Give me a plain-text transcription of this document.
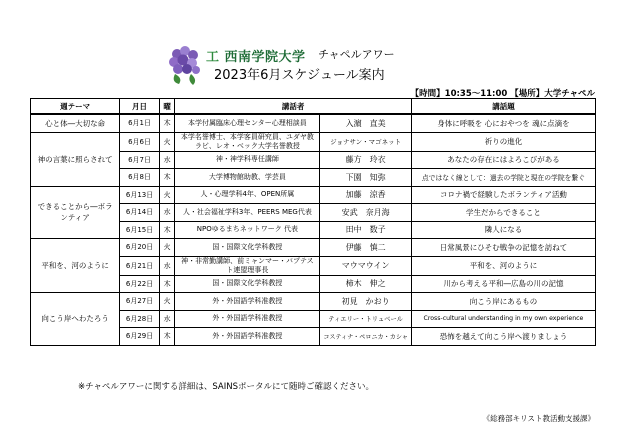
工 西南学院大学 チャペルアワー
2023年6月スケジュール案内
【時間】10:35～11:00 【場所】大学チャペル
週テーマ	月日	曜	講話者		講話題
心と体―大切な命	6月1日	木	本学付属臨床心理センター心理相談員	入濵　直美	身体に呼吸を 心におやつを 魂に点滴を
神の言葉に照らされて	6月6日	火	本学名誉博士、本学客員研究員、ユダヤ教ラビ、レオ・ベック大学名誉教授	ジョナサン・マゴネット	祈りの進化
	6月7日	水	神・神学科専任講師	藤方　玲衣	あなたの存在にはよろこびがある
	6月8日	木	大学博物館助教、学芸員	下園　知弥	点ではなく線として：過去の学院と現在の学院を繋ぐ
できることから―ボランティア	6月13日	火	人・心理学科4年、OPEN所属	加藤　涼香	コロナ禍で経験したボランティア活動
	6月14日	水	人・社会福祉学科3年、PEERS MEG代表	安武　奈月海	学生だからできること
	6月15日	木	NPOゆるまちネットワーク 代表	田中　数子	隣人になる
平和を、河のように	6月20日	火	国・国際文化学科教授	伊藤　慎二	日常風景にひそむ戦争の記憶を訪ねて
	6月21日	水	神・非常勤講師、前ミャンマー・バプテスト連盟理事長	マウマウイン	平和を、河のように
	6月22日	木	国・国際文化学科教授	柿木　伸之	川から考える平和―広島の川の記憶
向こう岸へわたろう	6月27日	火	外・外国語学科准教授	初見　かおり	向こう岸にあるもの
	6月28日	水	外・外国語学科准教授	ティエリー・トリュベール	Cross-cultural understanding in my own experience
	6月29日	木	外・外国語学科准教授	コスティナ・ペロニカ・カシャ	恐怖を越えて向こう岸へ渡りましょう
※チャペルアワーに関する詳細は、SAINSポータルにて随時ご確認ください。
《総務部キリスト教活動支援課》
